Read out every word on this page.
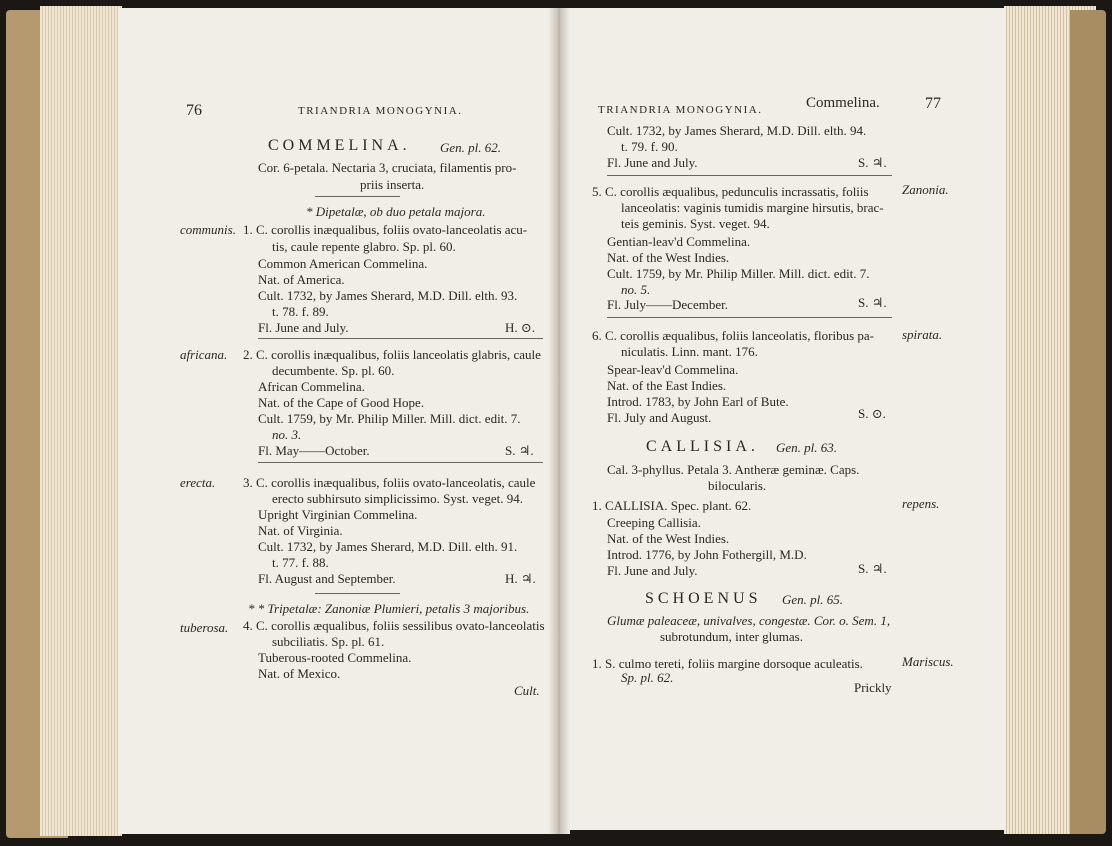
76	TRIANDRIA MONOGYNIA.
COMMELINA. Gen. pl. 62.
Cor. 6-petala. Nectaria 3, cruciata, filamentis pro-
priis inserta.
* Dipetalæ, ob duo petala majora.
communis. 1. C. corollis inæqualibus, foliis ovato-lanceolatis acu-
tis, caule repente glabro. Sp. pl. 60.
Common American Commelina.
Nat. of America.
Cult. 1732, by James Sherard, M.D. Dill. elth. 93.
t. 78. f. 89.
Fl. June and July.	H. ⊙.
africana. 2. C. corollis inæqualibus, foliis lanceolatis glabris, caule
decumbente. Sp. pl. 60.
African Commelina.
Nat. of the Cape of Good Hope.
Cult. 1759, by Mr. Philip Miller. Mill. dict. edit. 7.
no. 3.
Fl. May——October.	S. ♃.
erecta. 3. C. corollis inæqualibus, foliis ovato-lanceolatis, caule
erecto subhirsuto simplicissimo. Syst. veget. 94.
Upright Virginian Commelina.
Nat. of Virginia.
Cult. 1732, by James Sherard, M.D. Dill. elth. 91.
t. 77. f. 88.
Fl. August and September.	H. ♃.
* * Tripetalæ: Zanoniæ Plumieri, petalis 3 majoribus.
tuberosa. 4. C. corollis æqualibus, foliis sessilibus ovato-lanceolatis
subciliatis. Sp. pl. 61.
Tuberous-rooted Commelina.
Nat. of Mexico.
Cult.
TRIANDRIA MONOGYNIA.	Commelina.	77
Cult. 1732, by James Sherard, M.D. Dill. elth. 94.
t. 79. f. 90.
Fl. June and July.	S. ♃.
Zanonia.
5. C. corollis æqualibus, pedunculis incrassatis, foliis
lanceolatis: vaginis tumidis margine hirsutis, brac-
teis geminis. Syst. veget. 94.
Gentian-leav'd Commelina.
Nat. of the West Indies.
Cult. 1759, by Mr. Philip Miller. Mill. dict. edit. 7.
no. 5.
Fl. July——December.	S. ♃.
spirata.
6. C. corollis æqualibus, foliis lanceolatis, floribus pa-
niculatis. Linn. mant. 176.
Spear-leav'd Commelina.
Nat. of the East Indies.
Introd. 1783, by John Earl of Bute.
Fl. July and August.	S. ⊙.
CALLISIA. Gen. pl. 63.
Cal. 3-phyllus. Petala 3. Antheræ geminæ. Caps.
bilocularis.
repens.
1. CALLISIA. Spec. plant. 62.
Creeping Callisia.
Nat. of the West Indies.
Introd. 1776, by John Fothergill, M.D.
Fl. June and July.	S. ♃.
SCHOENUS Gen. pl. 65.
Glumæ paleaceæ, univalves, congestæ. Cor. o. Sem. 1,
subrotundum, inter glumas.
Mariscus.
1. S. culmo tereti, foliis margine dorsoque aculeatis.
Sp. pl. 62.
Prickly
